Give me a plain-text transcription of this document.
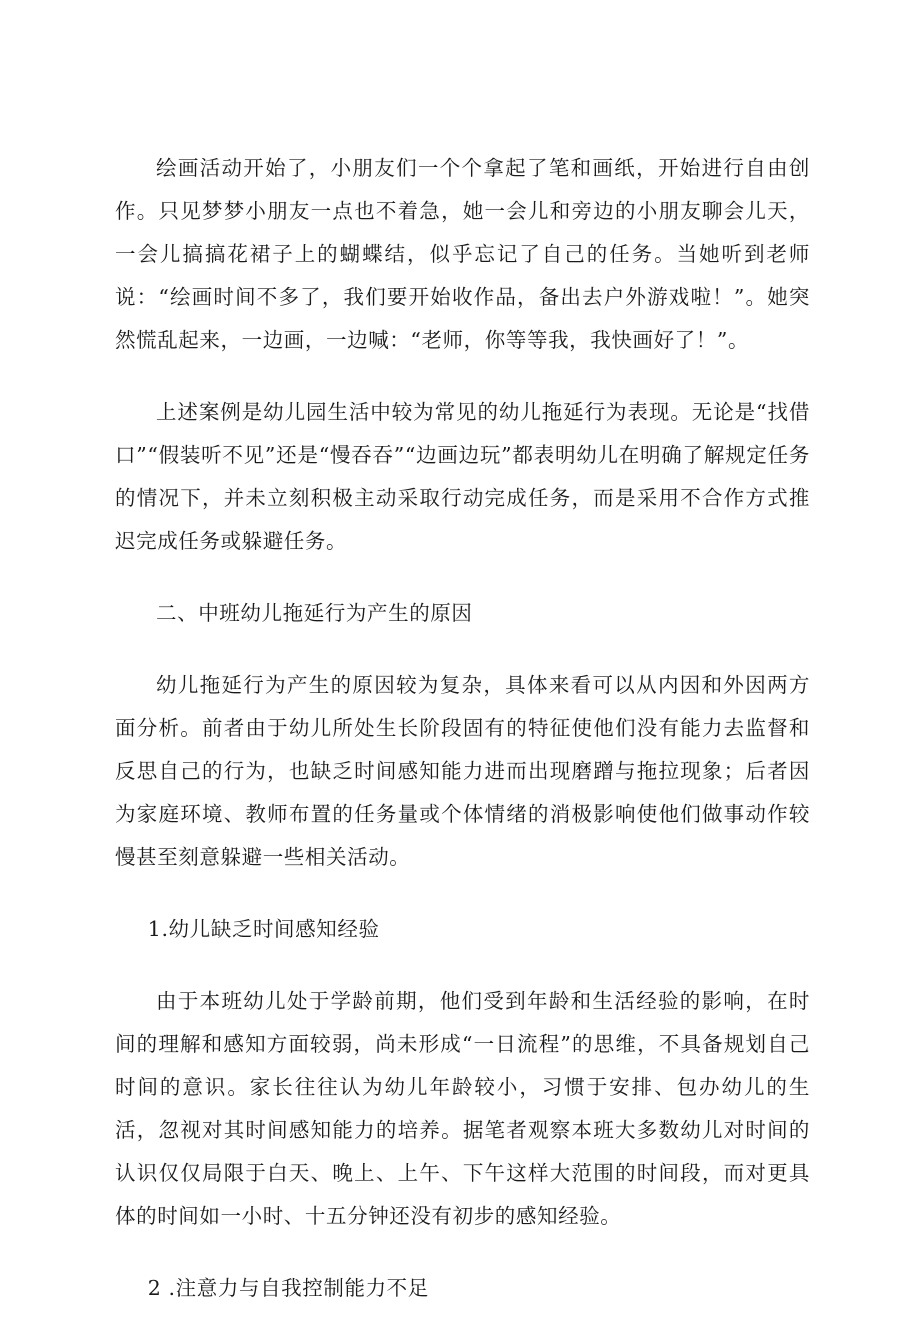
绘画活动开始了，小朋友们一个个拿起了笔和画纸，开始进行自由创作。只见梦梦小朋友一点也不着急，她一会儿和旁边的小朋友聊会儿天，一会儿搞搞花裙子上的蝴蝶结，似乎忘记了自己的任务。当她听到老师说：“绘画时间不多了，我们要开始收作品，备出去户外游戏啦！”。她突然慌乱起来，一边画，一边喊：“老师，你等等我，我快画好了！”。

上述案例是幼儿园生活中较为常见的幼儿拖延行为表现。无论是“找借口”“假装听不见”还是“慢吞吞”“边画边玩”都表明幼儿在明确了解规定任务的情况下，并未立刻积极主动采取行动完成任务，而是采用不合作方式推迟完成任务或躲避任务。

二、中班幼儿拖延行为产生的原因

幼儿拖延行为产生的原因较为复杂，具体来看可以从内因和外因两方面分析。前者由于幼儿所处生长阶段固有的特征使他们没有能力去监督和反思自己的行为，也缺乏时间感知能力进而出现磨蹭与拖拉现象；后者因为家庭环境、教师布置的任务量或个体情绪的消极影响使他们做事动作较慢甚至刻意躲避一些相关活动。

1.幼儿缺乏时间感知经验

由于本班幼儿处于学龄前期，他们受到年龄和生活经验的影响，在时间的理解和感知方面较弱，尚未形成“一日流程”的思维，不具备规划自己时间的意识。家长往往认为幼儿年龄较小，习惯于安排、包办幼儿的生活，忽视对其时间感知能力的培养。据笔者观察本班大多数幼儿对时间的认识仅仅局限于白天、晚上、上午、下午这样大范围的时间段，而对更具体的时间如一小时、十五分钟还没有初步的感知经验。

2 .注意力与自我控制能力不足
